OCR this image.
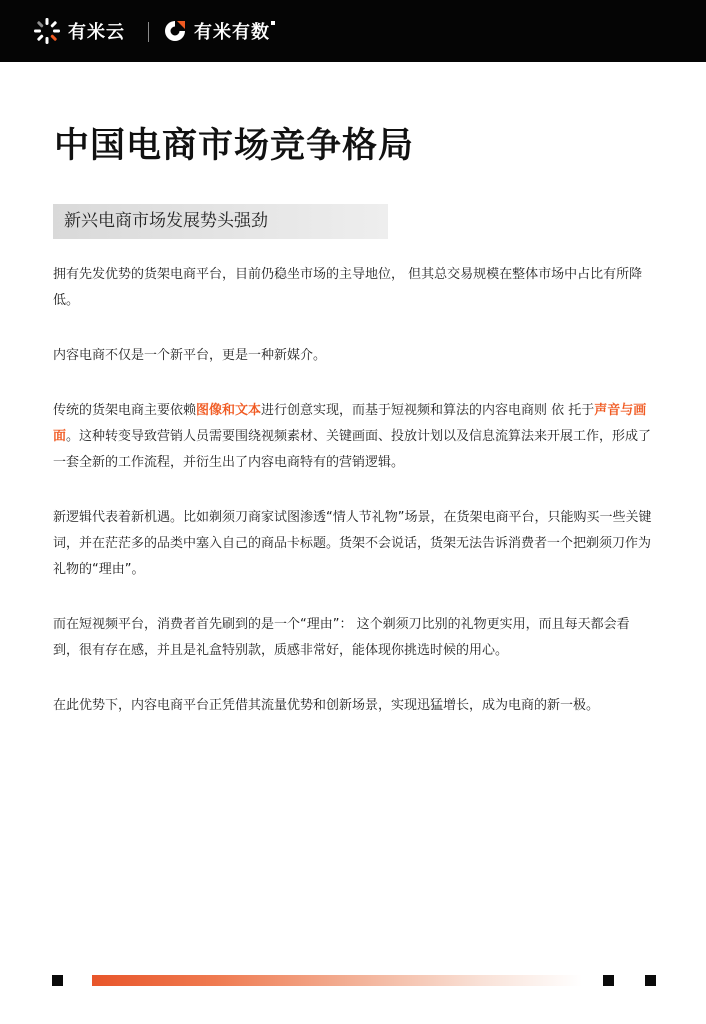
有米云	有米有数
中国电商市场竞争格局
新兴电商市场发展势头强劲

拥有先发优势的货架电商平台，目前仍稳坐市场的主导地位， 但其总交易规模在整体市场中占比有所降低。

内容电商不仅是一个新平台，更是一种新媒介。

传统的货架电商主要依赖图像和文本进行创意实现，而基于短视频和算法的内容电商则 依 托于声音与画面。这种转变导致营销人员需要围绕视频素材、关键画面、投放计划以及信息流算法来开展工作，形成了一套全新的工作流程，并衍生出了内容电商特有的营销逻辑。

新逻辑代表着新机遇。比如剃须刀商家试图渗透“情人节礼物”场景，在货架电商平台，只能购买一些关键词，并在茫茫多的品类中塞入自己的商品卡标题。货架不会说话，货架无法告诉消费者一个把剃须刀作为礼物的“理由”。

而在短视频平台，消费者首先刷到的是一个“理由”： 这个剃须刀比别的礼物更实用，而且每天都会看到，很有存在感，并且是礼盒特别款，质感非常好，能体现你挑选时候的用心。

在此优势下，内容电商平台正凭借其流量优势和创新场景，实现迅猛增长，成为电商的新一极。
